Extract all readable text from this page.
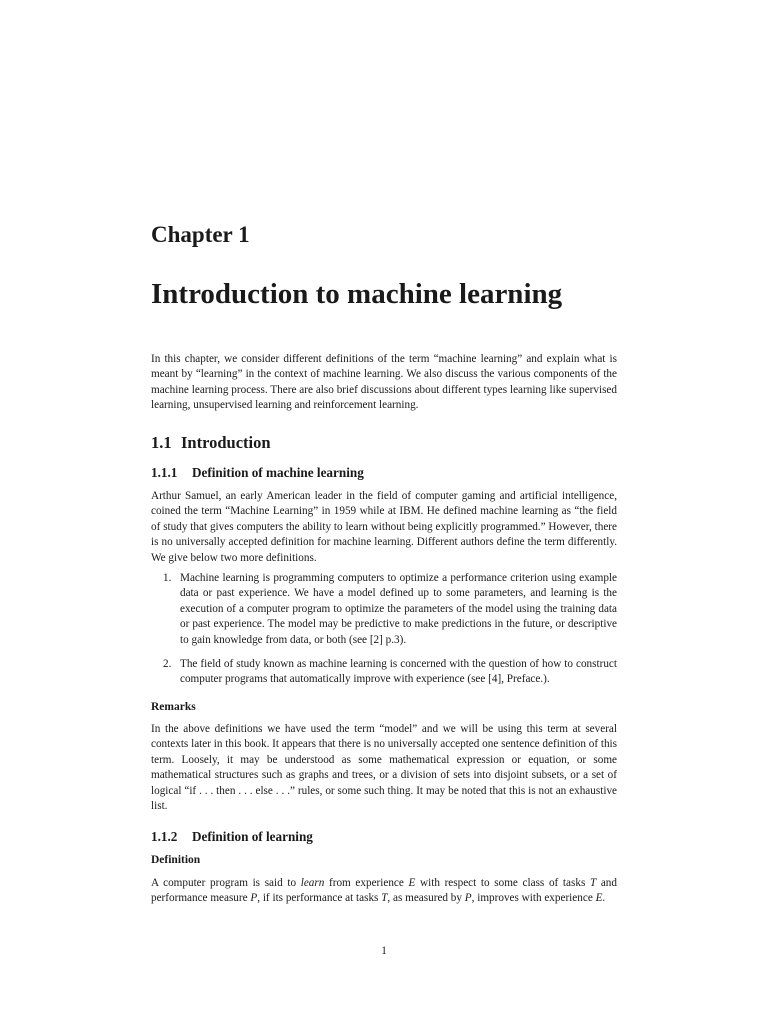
Chapter 1
Introduction to machine learning

In this chapter, we consider different definitions of the term “machine learning” and explain what is meant by “learning” in the context of machine learning. We also discuss the various components of the machine learning process. There are also brief discussions about different types learning like supervised learning, unsupervised learning and reinforcement learning.

1.1 Introduction
1.1.1 Definition of machine learning

Arthur Samuel, an early American leader in the field of computer gaming and artificial intelligence, coined the term “Machine Learning” in 1959 while at IBM. He defined machine learning as “the field of study that gives computers the ability to learn without being explicitly programmed.” However, there is no universally accepted definition for machine learning. Different authors define the term differently. We give below two more definitions.

1. Machine learning is programming computers to optimize a performance criterion using example data or past experience. We have a model defined up to some parameters, and learning is the execution of a computer program to optimize the parameters of the model using the training data or past experience. The model may be predictive to make predictions in the future, or descriptive to gain knowledge from data, or both (see [2] p.3).
2. The field of study known as machine learning is concerned with the question of how to construct computer programs that automatically improve with experience (see [4], Preface.).
Remarks

In the above definitions we have used the term “model” and we will be using this term at several contexts later in this book. It appears that there is no universally accepted one sentence definition of this term. Loosely, it may be understood as some mathematical expression or equation, or some mathematical structures such as graphs and trees, or a division of sets into disjoint subsets, or a set of logical “if . . . then . . . else . . .” rules, or some such thing. It may be noted that this is not an exhaustive list.

1.1.2 Definition of learning
Definition

A computer program is said to learn from experience E with respect to some class of tasks T and performance measure P, if its performance at tasks T, as measured by P, improves with experience E.

1
